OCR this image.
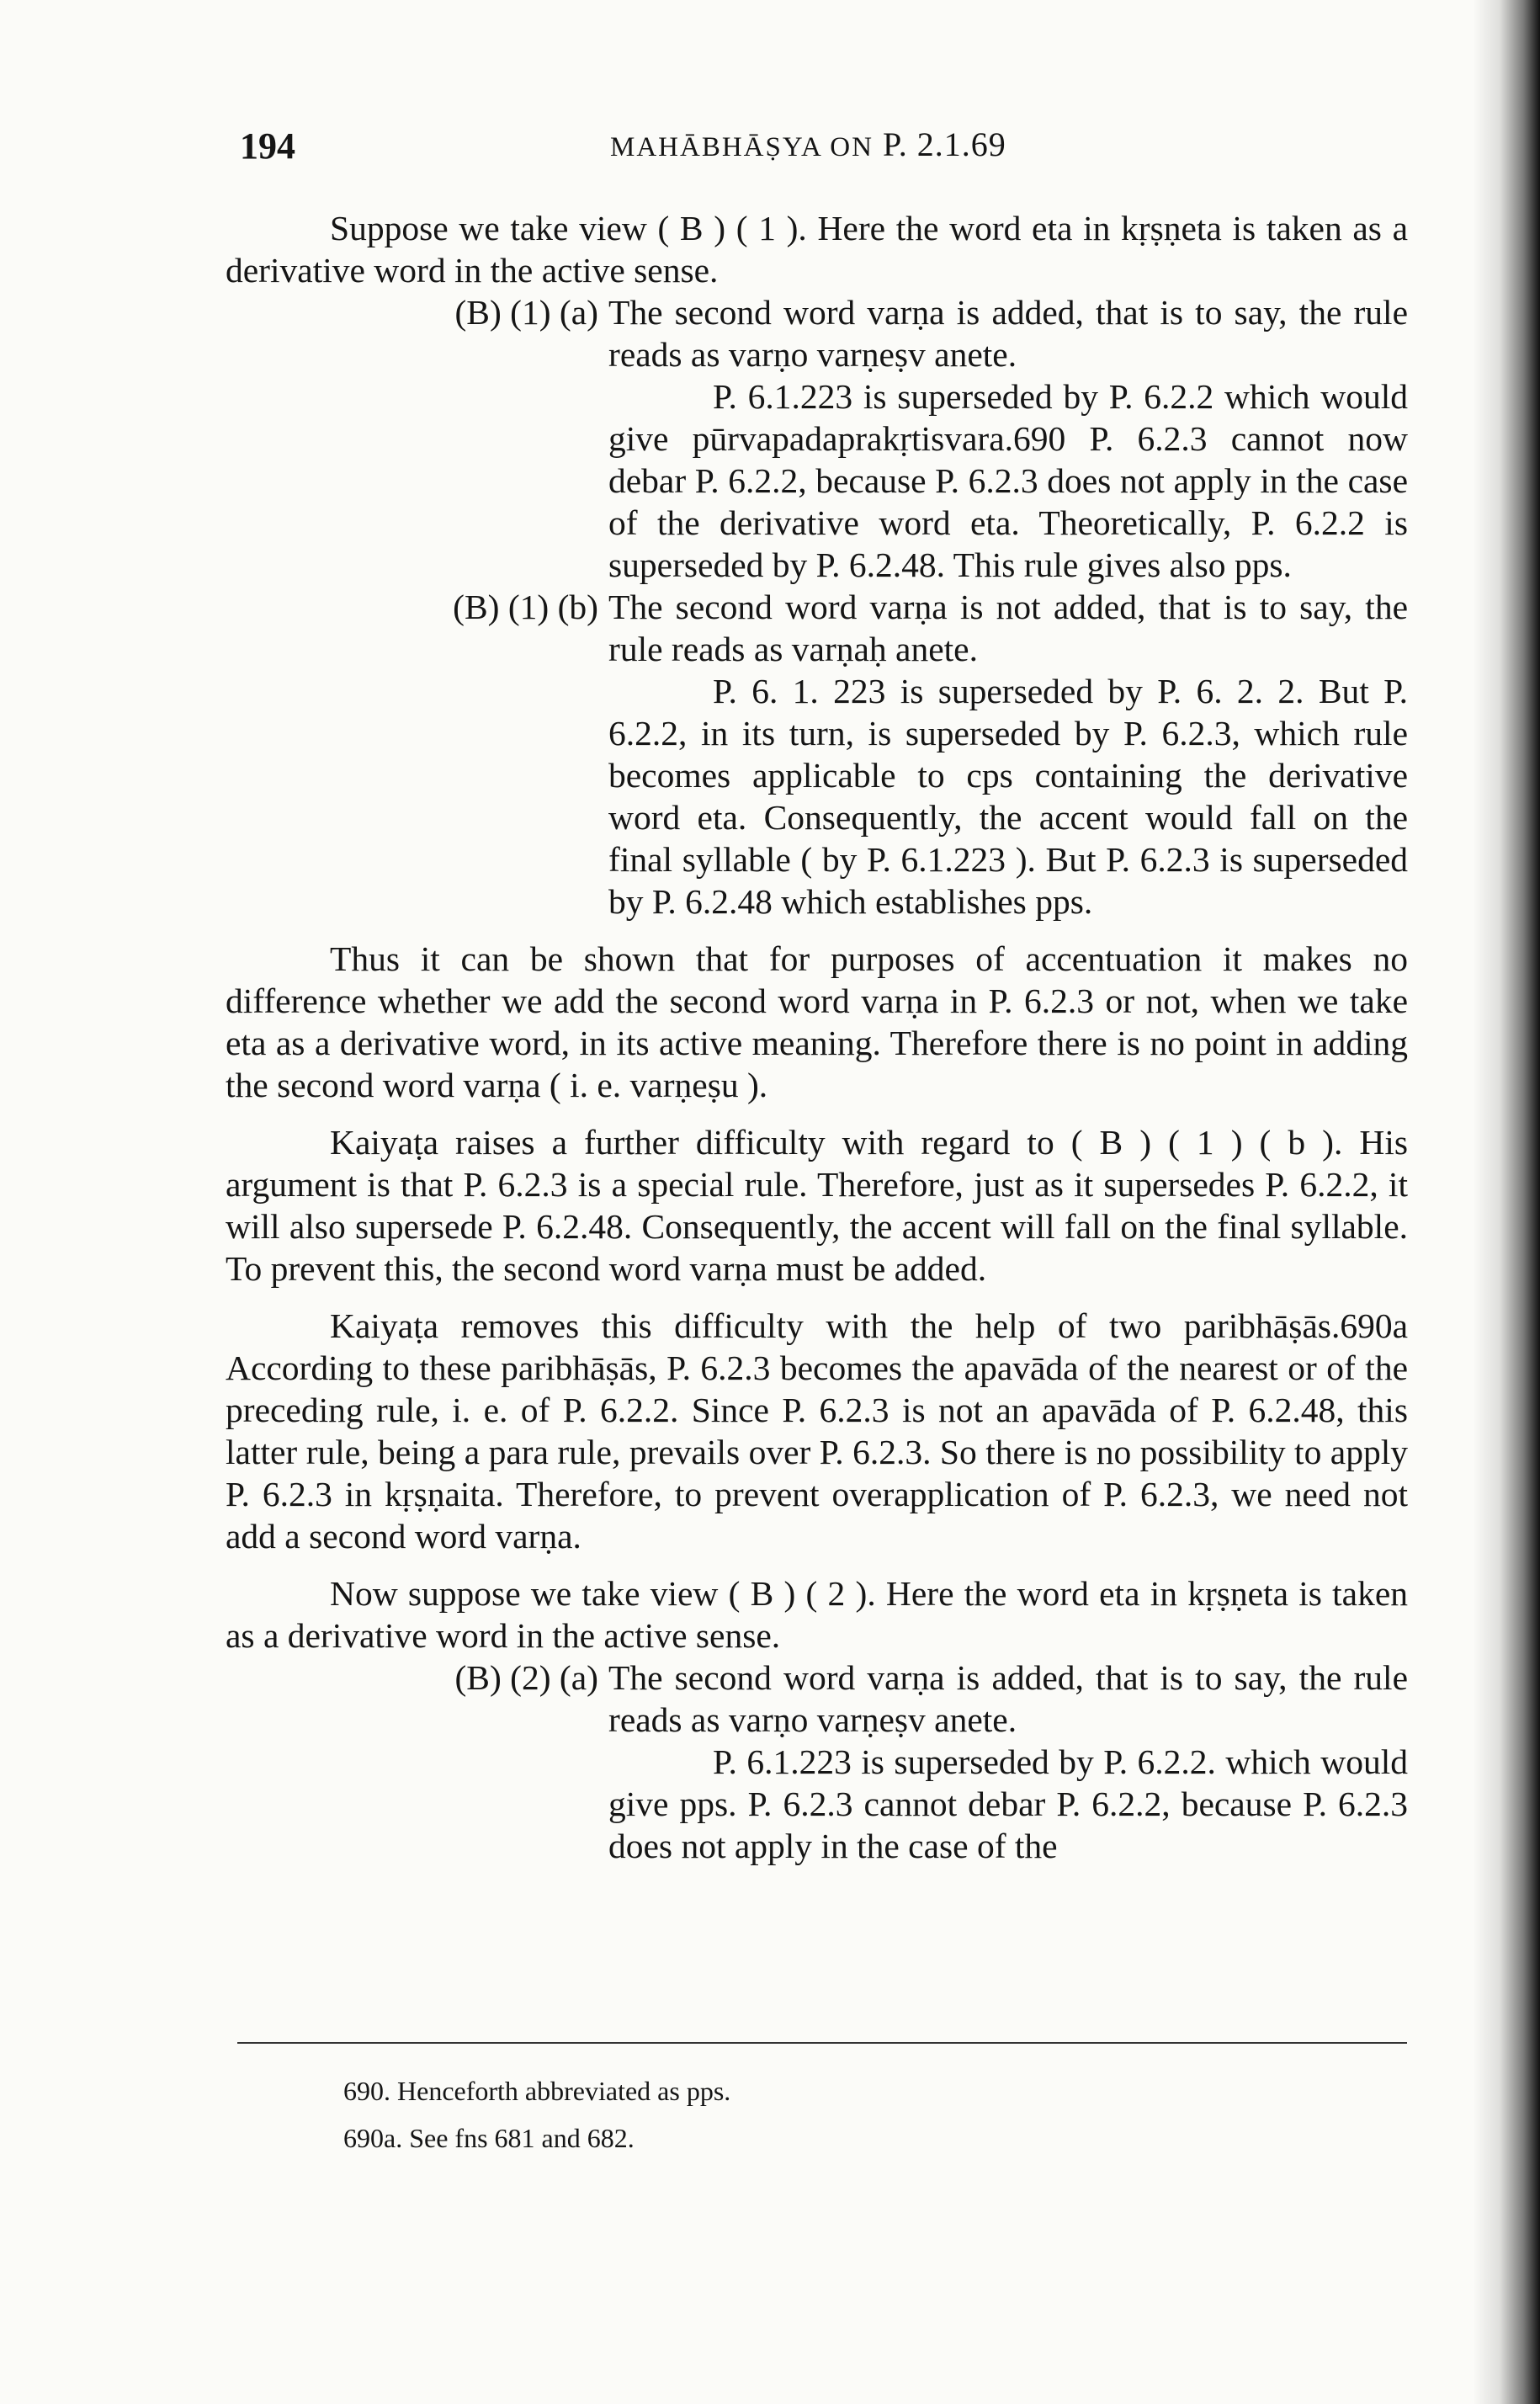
194	MAHĀBHĀṢYA ON P. 2.1.69

Suppose we take view ( B ) ( 1 ). Here the word eta in kṛṣṇeta is taken as a derivative word in the active sense.

(B) (1) (a) The second word varṇa is added, that is to say, the rule reads as varṇo varṇeṣv anete.

P. 6.1.223 is superseded by P. 6.2.2 which would give pūrvapadaprakṛtisvara.690 P. 6.2.3 cannot now debar P. 6.2.2, because P. 6.2.3 does not apply in the case of the derivative word eta. Theoretically, P. 6.2.2 is superseded by P. 6.2.48. This rule gives also pps.

(B) (1) (b) The second word varṇa is not added, that is to say, the rule reads as varṇaḥ anete.

P. 6. 1. 223 is superseded by P. 6. 2. 2. But P. 6.2.2, in its turn, is superseded by P. 6.2.3, which rule becomes applicable to cps containing the derivative word eta. Consequently, the accent would fall on the final syllable ( by P. 6.1.223 ). But P. 6.2.3 is superseded by P. 6.2.48 which establishes pps.

Thus it can be shown that for purposes of accentuation it makes no difference whether we add the second word varṇa in P. 6.2.3 or not, when we take eta as a derivative word, in its active meaning. Therefore there is no point in adding the second word varṇa ( i. e. varṇeṣu ).

Kaiyaṭa raises a further difficulty with regard to ( B ) ( 1 ) ( b ). His argument is that P. 6.2.3 is a special rule. Therefore, just as it supersedes P. 6.2.2, it will also supersede P. 6.2.48. Consequently, the accent will fall on the final syllable. To prevent this, the second word varṇa must be added.

Kaiyaṭa removes this difficulty with the help of two paribhāṣās.690a According to these paribhāṣās, P. 6.2.3 becomes the apavāda of the nearest or of the preceding rule, i. e. of P. 6.2.2. Since P. 6.2.3 is not an apavāda of P. 6.2.48, this latter rule, being a para rule, prevails over P. 6.2.3. So there is no possibility to apply P. 6.2.3 in kṛṣṇaita. Therefore, to prevent overapplication of P. 6.2.3, we need not add a second word varṇa.

Now suppose we take view ( B ) ( 2 ). Here the word eta in kṛṣṇeta is taken as a derivative word in the active sense.

(B) (2) (a) The second word varṇa is added, that is to say, the rule reads as varṇo varṇeṣv anete.

P. 6.1.223 is superseded by P. 6.2.2. which would give pps. P. 6.2.3 cannot debar P. 6.2.2, because P. 6.2.3 does not apply in the case of the

690. Henceforth abbreviated as pps.
690a. See fns 681 and 682.
